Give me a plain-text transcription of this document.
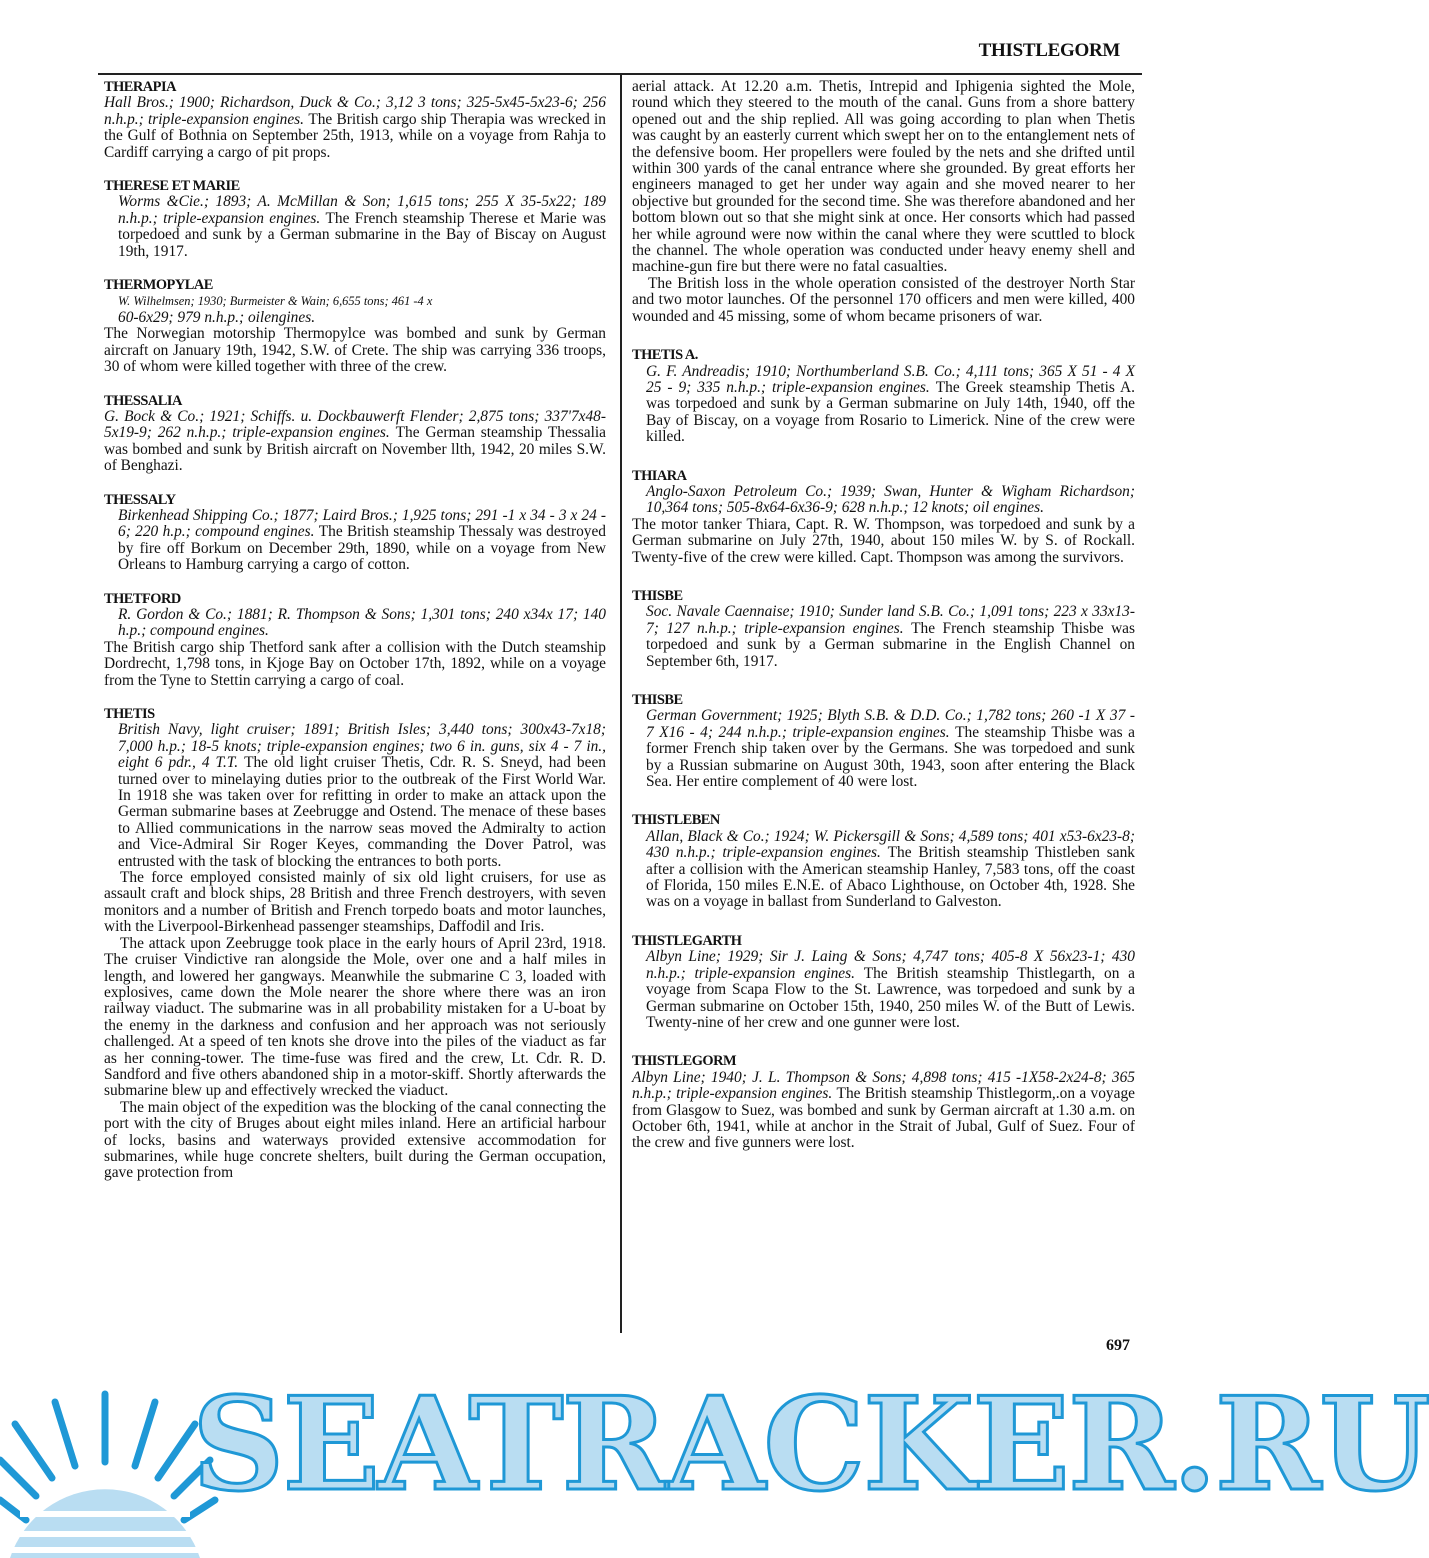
THISTLEGORM
THERAPIA
Hall Bros.; 1900; Richardson, Duck & Co.; 3,12 3 tons; 325-5x45-5x23-6; 256 n.h.p.; triple-expansion engines. The British cargo ship Therapia was wrecked in the Gulf of Bothnia on September 25th, 1913, while on a voyage from Rahja to Cardiff carrying a cargo of pit props.
THERESE ET MARIE
Worms &Cie.; 1893; A. McMillan & Son; 1,615 tons; 255 X 35-5x22; 189 n.h.p.; triple-expansion engines. The French steamship Therese et Marie was torpedoed and sunk by a German submarine in the Bay of Biscay on August 19th, 1917.
THERMOPYLAE
W. Wilhelmsen; 1930; Burmeister & Wain; 6,655 tons; 461 -4 x
60-6x29; 979 n.h.p.; oilengines.
The Norwegian motorship Thermopylce was bombed and sunk by German aircraft on January 19th, 1942, S.W. of Crete. The ship was carrying 336 troops, 30 of whom were killed together with three of the crew.
THESSALIA
G. Bock & Co.; 1921; Schiffs. u. Dockbauwerft Flender; 2,875 tons; 337'7x48-5x19-9; 262 n.h.p.; triple-expansion engines. The German steamship Thessalia was bombed and sunk by British aircraft on November llth, 1942, 20 miles S.W. of Benghazi.
THESSALY
Birkenhead Shipping Co.; 1877; Laird Bros.; 1,925 tons; 291 -1 x 34 - 3 x 24 - 6; 220 h.p.; compound engines. The British steamship Thessaly was destroyed by fire off Borkum on December 29th, 1890, while on a voyage from New Orleans to Hamburg carrying a cargo of cotton.
THETFORD
R. Gordon & Co.; 1881; R. Thompson & Sons; 1,301 tons; 240 x34x 17; 140 h.p.; compound engines.
The British cargo ship Thetford sank after a collision with the Dutch steamship Dordrecht, 1,798 tons, in Kjoge Bay on October 17th, 1892, while on a voyage from the Tyne to Stettin carrying a cargo of coal.
THETIS
British Navy, light cruiser; 1891; British Isles; 3,440 tons; 300x43-7x18; 7,000 h.p.; 18-5 knots; triple-expansion engines; two 6 in. guns, six 4 - 7 in., eight 6 pdr., 4 T.T. The old light cruiser Thetis, Cdr. R. S. Sneyd, had been turned over to minelaying duties prior to the outbreak of the First World War. In 1918 she was taken over for refitting in order to make an attack upon the German submarine bases at Zeebrugge and Ostend. The menace of these bases to Allied communications in the narrow seas moved the Admiralty to action and Vice-Admiral Sir Roger Keyes, commanding the Dover Patrol, was entrusted with the task of blocking the entrances to both ports.

The force employed consisted mainly of six old light cruisers, for use as assault craft and block ships, 28 British and three French destroyers, with seven monitors and a number of British and French torpedo boats and motor launches, with the Liverpool-Birkenhead passenger steamships, Daffodil and Iris.

The attack upon Zeebrugge took place in the early hours of April 23rd, 1918. The cruiser Vindictive ran alongside the Mole, over one and a half miles in length, and lowered her gangways. Meanwhile the submarine C 3, loaded with explosives, came down the Mole nearer the shore where there was an iron railway viaduct. The submarine was in all probability mistaken for a U-boat by the enemy in the darkness and confusion and her approach was not seriously challenged. At a speed of ten knots she drove into the piles of the viaduct as far as her conning-tower. The time-fuse was fired and the crew, Lt. Cdr. R. D. Sandford and five others abandoned ship in a motor-skiff. Shortly afterwards the submarine blew up and effectively wrecked the viaduct.

The main object of the expedition was the blocking of the canal connecting the port with the city of Bruges about eight miles inland. Here an artificial harbour of locks, basins and waterways provided extensive accommodation for submarines, while huge concrete shelters, built during the German occupation, gave protection from

aerial attack. At 12.20 a.m. Thetis, Intrepid and Iphigenia sighted the Mole, round which they steered to the mouth of the canal. Guns from a shore battery opened out and the ship replied. All was going according to plan when Thetis was caught by an easterly current which swept her on to the entanglement nets of the defensive boom. Her propellers were fouled by the nets and she drifted until within 300 yards of the canal entrance where she grounded. By great efforts her engineers managed to get her under way again and she moved nearer to her objective but grounded for the second time. She was therefore abandoned and her bottom blown out so that she might sink at once. Her consorts which had passed her while aground were now within the canal where they were scuttled to block the channel. The whole operation was conducted under heavy enemy shell and machine-gun fire but there were no fatal casualties.

The British loss in the whole operation consisted of the destroyer North Star and two motor launches. Of the personnel 170 officers and men were killed, 400 wounded and 45 missing, some of whom became prisoners of war.

THETIS A.
G. F. Andreadis; 1910; Northumberland S.B. Co.; 4,111 tons; 365 X 51 - 4 X 25 - 9; 335 n.h.p.; triple-expansion engines. The Greek steamship Thetis A. was torpedoed and sunk by a German submarine on July 14th, 1940, off the Bay of Biscay, on a voyage from Rosario to Limerick. Nine of the crew were killed.
THIARA
Anglo-Saxon Petroleum Co.; 1939; Swan, Hunter & Wigham Richardson; 10,364 tons; 505-8x64-6x36-9; 628 n.h.p.; 12 knots; oil engines.
The motor tanker Thiara, Capt. R. W. Thompson, was torpedoed and sunk by a German submarine on July 27th, 1940, about 150 miles W. by S. of Rockall. Twenty-five of the crew were killed. Capt. Thompson was among the survivors.
THISBE
Soc. Navale Caennaise; 1910; Sunder land S.B. Co.; 1,091 tons; 223 x 33x13- 7; 127 n.h.p.; triple-expansion engines. The French steamship Thisbe was torpedoed and sunk by a German submarine in the English Channel on September 6th, 1917.
THISBE
German Government; 1925; Blyth S.B. & D.D. Co.; 1,782 tons; 260 -1 X 37 - 7 X16 - 4; 244 n.h.p.; triple-expansion engines. The steamship Thisbe was a former French ship taken over by the Germans. She was torpedoed and sunk by a Russian submarine on August 30th, 1943, soon after entering the Black Sea. Her entire complement of 40 were lost.
THISTLEBEN
Allan, Black & Co.; 1924; W. Pickersgill & Sons; 4,589 tons; 401 x53-6x23-8; 430 n.h.p.; triple-expansion engines. The British steamship Thistleben sank after a collision with the American steamship Hanley, 7,583 tons, off the coast of Florida, 150 miles E.N.E. of Abaco Lighthouse, on October 4th, 1928. She was on a voyage in ballast from Sunderland to Galveston.
THISTLEGARTH
Albyn Line; 1929; Sir J. Laing & Sons; 4,747 tons; 405-8 X 56x23-1; 430 n.h.p.; triple-expansion engines. The British steamship Thistlegarth, on a voyage from Scapa Flow to the St. Lawrence, was torpedoed and sunk by a German submarine on October 15th, 1940, 250 miles W. of the Butt of Lewis. Twenty-nine of her crew and one gunner were lost.
THISTLEGORM
Albyn Line; 1940; J. L. Thompson & Sons; 4,898 tons; 415 -1X58-2x24-8; 365 n.h.p.; triple-expansion engines. The British steamship Thistlegorm,.on a voyage from Glasgow to Suez, was bombed and sunk by German aircraft at 1.30 a.m. on October 6th, 1941, while at anchor in the Strait of Jubal, Gulf of Suez. Four of the crew and five gunners were lost.
697
SEATRACKER.RU
